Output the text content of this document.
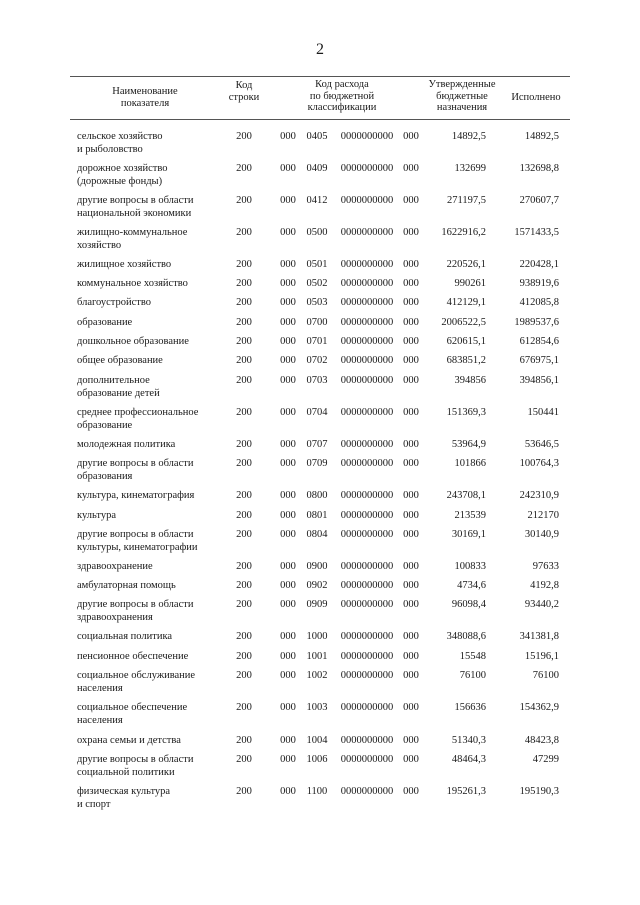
2
Наименование
показателя
Код
строки
Код расхода
по бюджетной
классификации
Утвержденные
бюджетные
назначения
Исполнено
сельское хозяйство
и рыболовство
200	000	0405	0000000000 000	14892,5	14892,5
дорожное хозяйство
(дорожные фонды)
200	000	0409	0000000000 000	132699	132698,8
другие вопросы в области
национальной экономики
200	000	0412	0000000000 000	271197,5	270607,7
жилищно-коммунальное
хозяйство
200	000	0500	0000000000 000	1622916,2	1571433,5
жилищное хозяйство	200	000	0501	0000000000 000	220526,1	220428,1
коммунальное хозяйство	200	000	0502	0000000000 000	990261	938919,6
благоустройство	200	000	0503	0000000000 000	412129,1	412085,8
образование	200	000	0700	0000000000 000	2006522,5	1989537,6
дошкольное образование	200	000	0701	0000000000 000	620615,1	612854,6
общее образование	200	000	0702	0000000000 000	683851,2	676975,1
дополнительное
образование детей
200	000	0703	0000000000 000	394856	394856,1
среднее профессиональное
образование
200	000	0704	0000000000 000	151369,3	150441
молодежная политика	200	000	0707	0000000000 000	53964,9	53646,5
другие вопросы в области
образования
200	000	0709	0000000000 000	101866	100764,3
культура, кинематография	200	000	0800	0000000000 000	243708,1	242310,9
культура	200	000	0801	0000000000 000	213539	212170
другие вопросы в области
культуры, кинематографии
200	000	0804	0000000000 000	30169,1	30140,9
здравоохранение	200	000	0900	0000000000 000	100833	97633
амбулаторная помощь	200	000	0902	0000000000 000	4734,6	4192,8
другие вопросы в области
здравоохранения
200	000	0909	0000000000 000	96098,4	93440,2
социальная политика	200	000	1000	0000000000 000	348088,6	341381,8
пенсионное обеспечение	200	000	1001	0000000000 000	15548	15196,1
социальное обслуживание
населения
200	000	1002	0000000000 000	76100	76100
социальное обеспечение
населения
200	000	1003	0000000000 000	156636	154362,9
охрана семьи и детства	200	000	1004	0000000000 000	51340,3	48423,8
другие вопросы в области
социальной политики
200	000	1006	0000000000 000	48464,3	47299
физическая культура
и спорт
200	000	1100	0000000000 000	195261,3	195190,3
